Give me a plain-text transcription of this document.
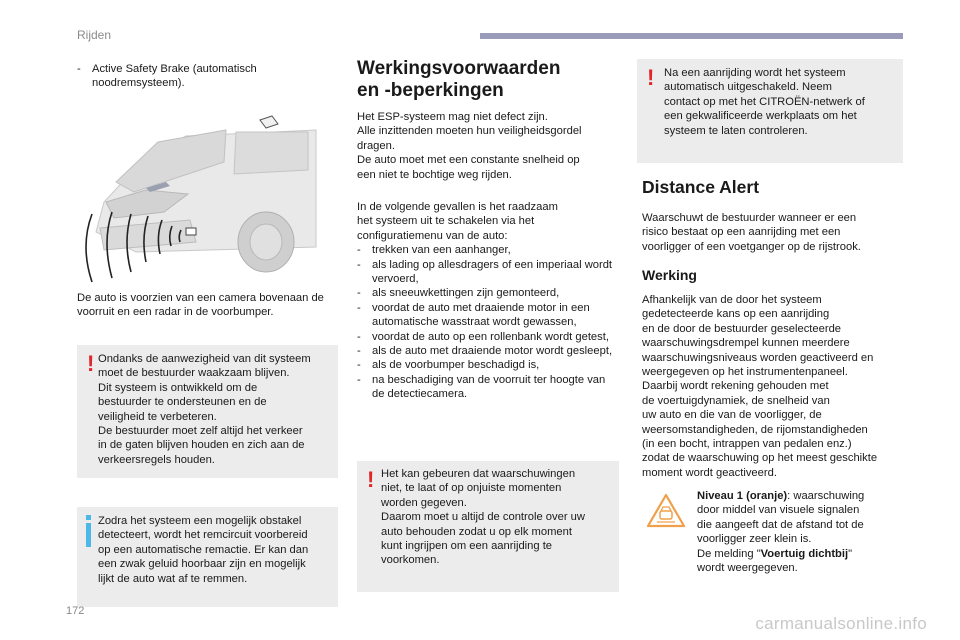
Rijden
- Active Safety Brake (automatisch noodremsysteem).

De auto is voorzien van een camera bovenaan de voorruit en een radar in de voorbumper.

! Ondanks de aanwezigheid van dit systeem
moet de bestuurder waakzaam blijven.
Dit systeem is ontwikkeld om de
bestuurder te ondersteunen en de
veiligheid te verbeteren.
De bestuurder moet zelf altijd het verkeer
in de gaten blijven houden en zich aan de
verkeersregels houden.
Zodra het systeem een mogelijk obstakel
detecteert, wordt het remcircuit voorbereid
op een automatische remactie. Er kan dan
een zwak geluid hoorbaar zijn en mogelijk
lijkt de auto wat af te remmen.
Werkingsvoorwaarden
en -beperkingen
Het ESP-systeem mag niet defect zijn.
Alle inzittenden moeten hun veiligheidsgordel
dragen.
De auto moet met een constante snelheid op
een niet te bochtige weg rijden.
In de volgende gevallen is het raadzaam
het systeem uit te schakelen via het
configuratiemenu van de auto:
- trekken van een aanhanger,
- als lading op allesdragers of een imperiaal wordt vervoerd,
- als sneeuwkettingen zijn gemonteerd,
- voordat de auto met draaiende motor in een automatische wasstraat wordt gewassen,
- voordat de auto op een rollenbank wordt getest,
- als de auto met draaiende motor wordt gesleept,
- als de voorbumper beschadigd is,
- na beschadiging van de voorruit ter hoogte van de detectiecamera.
! Het kan gebeuren dat waarschuwingen
niet, te laat of op onjuiste momenten
worden gegeven.
Daarom moet u altijd de controle over uw
auto behouden zodat u op elk moment
kunt ingrijpen om een aanrijding te
voorkomen.
! Na een aanrijding wordt het systeem
automatisch uitgeschakeld. Neem
contact op met het CITROËN-netwerk of
een gekwalificeerde werkplaats om het
systeem te laten controleren.
Distance Alert
Waarschuwt de bestuurder wanneer er een
risico bestaat op een aanrijding met een
voorligger of een voetganger op de rijstrook.
Werking
Afhankelijk van de door het systeem
gedetecteerde kans op een aanrijding
en de door de bestuurder geselecteerde
waarschuwingsdrempel kunnen meerdere
waarschuwingsniveaus worden geactiveerd en
weergegeven op het instrumentenpaneel.
Daarbij wordt rekening gehouden met
de voertuigdynamiek, de snelheid van
uw auto en die van de voorligger, de
weersomstandigheden, de rijomstandigheden
(in een bocht, intrappen van pedalen enz.)
zodat de waarschuwing op het meest geschikte
moment wordt geactiveerd.
Niveau 1 (oranje): waarschuwing
door middel van visuele signalen
die aangeeft dat de afstand tot de
voorligger zeer klein is.
De melding "Voertuig dichtbij"
wordt weergegeven.
172
carmanualsonline.info
